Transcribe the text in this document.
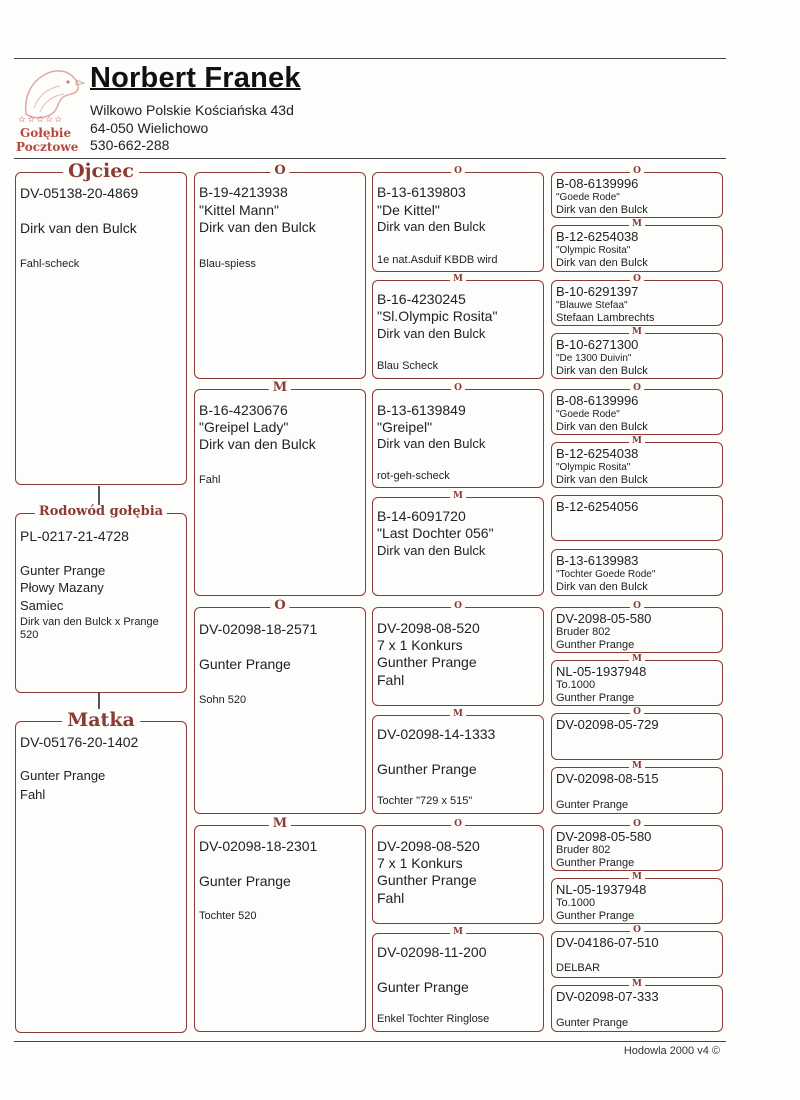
☆☆☆☆☆
Gołębie
Pocztowe
Norbert Franek
Wilkowo Polskie Kościańska 43d
64-050 Wielichowo
530-662-288
Ojciec
DV-05138-20-4869
Dirk van den Bulck
Fahl-scheck
Rodowód gołębia
PL-0217-21-4728
Gunter Prange
Płowy Mazany
Samiec
Dirk van den Bulck x Prange
520
Matka
DV-05176-20-1402
Gunter Prange
Fahl
O
B-19-4213938
"Kittel Mann"
Dirk van den Bulck
Blau-spiess
M
B-16-4230676
"Greipel Lady"
Dirk van den Bulck
Fahl
O
DV-02098-18-2571
Gunter Prange
Sohn 520
M
DV-02098-18-2301
Gunter Prange
Tochter 520
O
B-13-6139803
"De Kittel"
Dirk van den Bulck
1e nat.Asduif KBDB wird
M
B-16-4230245
"Sl.Olympic Rosita"
Dirk van den Bulck
Blau Scheck
O
B-13-6139849
"Greipel"
Dirk van den Bulck
rot-geh-scheck
M
B-14-6091720
"Last Dochter 056"
Dirk van den Bulck
O
DV-2098-08-520
7 x 1 Konkurs
Gunther Prange
Fahl
M
DV-02098-14-1333
Gunther Prange
Tochter "729 x 515"
O
DV-2098-08-520
7 x 1 Konkurs
Gunther Prange
Fahl
M
DV-02098-11-200
Gunter Prange
Enkel Tochter Ringlose
O
B-08-6139996
"Goede Rode"
Dirk van den Bulck
M
B-12-6254038
"Olympic Rosita"
Dirk van den Bulck
O
B-10-6291397
"Blauwe Stefaa"
Stefaan Lambrechts
M
B-10-6271300
"De 1300 Duivin"
Dirk van den Bulck
O
B-08-6139996
"Goede Rode"
Dirk van den Bulck
M
B-12-6254038
"Olympic Rosita"
Dirk van den Bulck
B-12-6254056
B-13-6139983
"Tochter Goede Rode"
Dirk van den Bulck
O
DV-2098-05-580
Bruder 802
Gunther Prange
M
NL-05-1937948
To.1000
Gunther Prange
O
DV-02098-05-729
M
DV-02098-08-515
Gunter Prange
O
DV-2098-05-580
Bruder 802
Gunther Prange
M
NL-05-1937948
To.1000
Gunther Prange
O
DV-04186-07-510
DELBAR
M
DV-02098-07-333
Gunter Prange
Hodowla 2000 v4 ©
